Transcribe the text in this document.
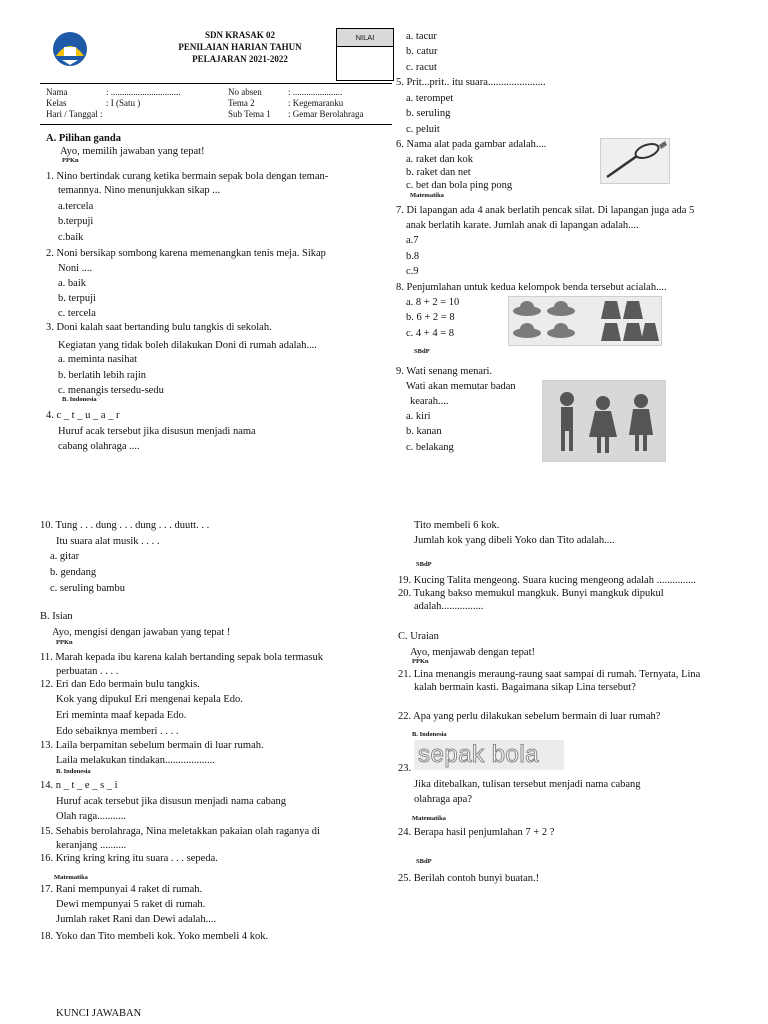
SDN KRASAK 02
PENILAIAN HARIAN TAHUN
PELAJARAN 2021-2022
NILAI
Nama	: ...............................
Kelas	: I (Satu )
Hari / Tanggal :
No absen	: ......................
Tema 2	: Kegemaranku
Sub Tema 1 : Gemar Berolahraga
A. Pilihan ganda
Ayo, memilih jawaban yang tepat!
PPKn
1. Nino bertindak curang ketika bermain sepak bola dengan teman-
temannya. Nino menunjukkan sikap ...
a.tercela
b.terpuji
c.baik
2. Noni bersikap sombong karena memenangkan tenis meja. Sikap
Noni ....
a. baik
b. terpuji
c. tercela
3. Doni kalah saat bertanding bulu tangkis di sekolah.
Kegiatan yang tidak boleh dilakukan Doni di rumah adalah....
a. meminta nasihat
b. berlatih lebih rajin
c. menangis tersedu-sedu
B. Indonesia
4. c _ t _ u _ a _ r
Huruf acak tersebut jika disusun menjadi nama
cabang olahraga ....
a. tacur
b. catur
c. racut
5. Prit...prit.. itu suara......................
a. terompet
b. seruling
c. peluit
6. Nama alat pada gambar adalah....
a. raket dan kok
b. raket dan net
c. bet dan bola ping pong
Matematika
7. Di lapangan ada 4 anak berlatih pencak silat. Di lapangan juga ada 5
anak berlatih karate. Jumlah anak di lapangan adalah....
a.7
b.8
c.9
8. Penjumlahan untuk kedua kelompok benda tersebut acialah....
a. 8 + 2 = 10
b. 6 + 2 = 8
c. 4 + 4 = 8
SBdP
9. Wati senang menari.
Wati akan memutar badan
kearah....
a. kiri
b. kanan
c. belakang
10. Tung . . . dung . . . dung . . . duutt. . .
Itu suara alat musik . . . .
a. gitar
b. gendang
c. seruling bambu
B. Isian
Ayo, mengisi dengan jawaban yang tepat !
PPKn
11. Marah kepada ibu karena kalah bertanding sepak bola termasuk
perbuatan . . . .
12. Eri dan Edo bermain bulu tangkis.
Kok yang dipukul Eri mengenai kepala Edo.
Eri meminta maaf kepada Edo.
Edo sebaiknya memberi . . . .
13. Laila berpamitan sebelum bermain di luar rumah.
Laila melakukan tindakan...................
B. Indonesia
14. n _ t _ e _ s _ i
Huruf acak tersebut jika disusun menjadi nama cabang
Olah raga...........
15. Sehabis berolahraga, Nina meletakkan pakaian olah raganya di
keranjang ..........
16. Kring kring kring itu suara . . . sepeda.
Matematika
17. Rani mempunyai 4 raket di rumah.
Dewi mempunyai 5 raket di rumah.
Jumlah raket Rani dan Dewi adalah....
18. Yoko dan Tito membeli kok. Yoko membeli 4 kok.
KUNCI JAWABAN
Tito membeli 6 kok.
Jumlah kok yang dibeli Yoko dan Tito adalah....
SBdP
19. Kucing Talita mengeong. Suara kucing mengeong adalah ...............
20. Tukang bakso memukul mangkuk. Bunyi mangkuk dipukul
adalah................
C. Uraian
Ayo, menjawab dengan tepat!
PPKn
21. Lina menangis meraung-raung saat sampai di rumah. Ternyata, Lina
kalah bermain kasti. Bagaimana sikap Lina tersebut?
22. Apa yang perlu dilakukan sebelum bermain di luar rumah?
B. Indonesia
23.
sepak bola
Jika ditebalkan, tulisan tersebut menjadi nama cabang
olahraga apa?
Matematika
24. Berapa hasil penjumlahan 7 + 2 ?
SBdP
25. Berilah contoh bunyi buatan.!
